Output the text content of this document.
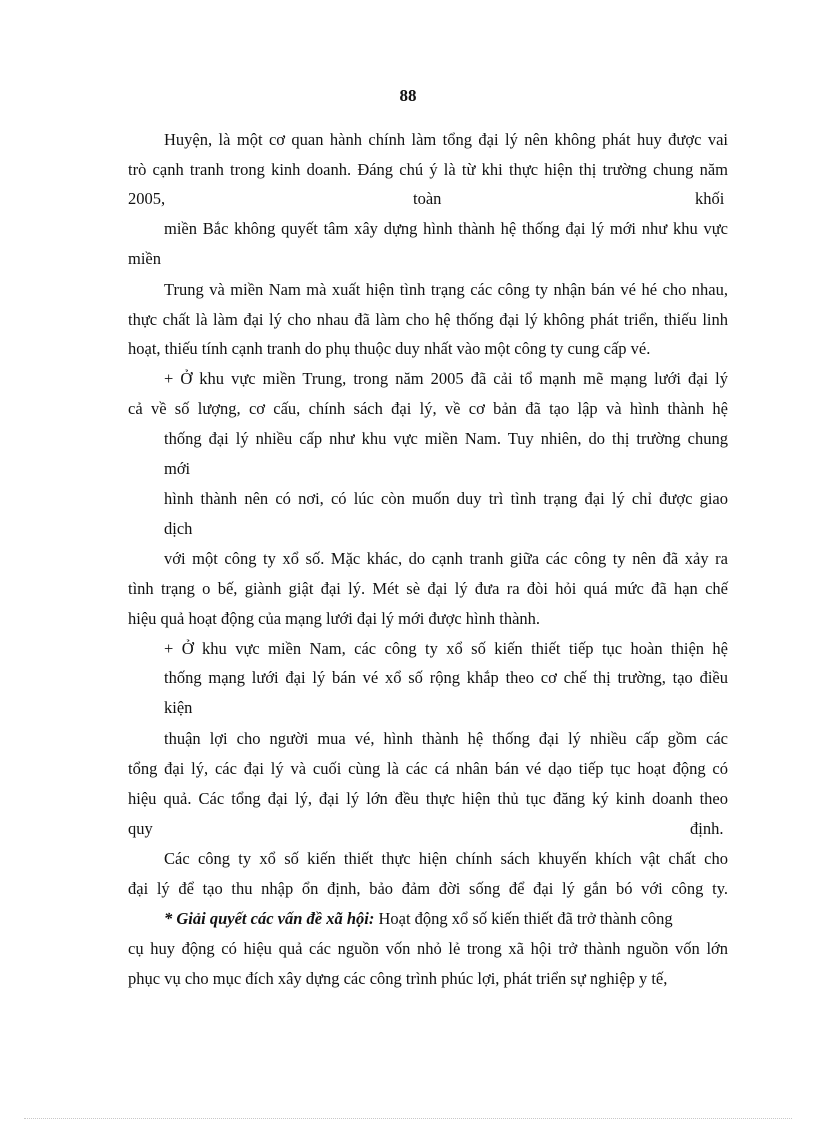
88
Huyện, là một cơ quan hành chính làm tổng đại lý nên không phát huy được vai
trò cạnh tranh trong kinh doanh. Đáng chú ý là từ khi thực hiện thị trường chung năm
2005,	toàn	khối
miền Bắc không quyết tâm xây dựng hình thành hệ thống đại lý mới như khu vực
miền
Trung và miền Nam mà xuất hiện tình trạng các công ty nhận bán vé hé cho nhau,
thực chất là làm đại lý cho nhau đã làm cho hệ thống đại lý không phát triển, thiếu linh
hoạt, thiếu tính cạnh tranh do phụ thuộc duy nhất vào một công ty cung cấp vé.
+ Ở khu vực miền Trung, trong năm 2005 đã cải tổ mạnh mẽ mạng lưới đại lý
cả về số lượng, cơ cấu, chính sách đại lý, về cơ bản đã tạo lập và hình thành hệ
thống đại lý nhiều cấp như khu vực miền Nam. Tuy nhiên, do thị trường chung
mới
hình thành nên có nơi, có lúc còn muốn duy trì tình trạng đại lý chỉ được giao
dịch
với một công ty xổ số. Mặc khác, do cạnh tranh giữa các công ty nên đã xảy ra
tình trạng o bế, giành giật đại lý. Mét sè đại lý đưa ra đòi hỏi quá mức đã hạn chế
hiệu quả hoạt động của mạng lưới đại lý mới được hình thành.
+ Ở khu vực miền Nam, các công ty xổ số kiến thiết tiếp tục hoàn thiện hệ
thống mạng lưới đại lý bán vé xổ số rộng khắp theo cơ chế thị trường, tạo điều
kiện
thuận lợi cho người mua vé, hình thành hệ thống đại lý nhiều cấp gồm các
tổng đại lý, các đại lý và cuối cùng là các cá nhân bán vé dạo tiếp tục hoạt động có
hiệu quả. Các tổng đại lý, đại lý lớn đều thực hiện thủ tục đăng ký kinh doanh theo
quy	định.
Các công ty xổ số kiến thiết thực hiện chính sách khuyến khích vật chất cho
đại lý để tạo thu nhập ổn định, bảo đảm đời sống để đại lý gắn bó với công ty.
* Giải quyết các vấn đề xã hội: Hoạt động xổ số kiến thiết đã trở thành công
cụ huy động có hiệu quả các nguồn vốn nhỏ lẻ trong xã hội trở thành nguồn vốn lớn
phục vụ cho mục đích xây dựng các công trình phúc lợi, phát triển sự nghiệp y tế,
